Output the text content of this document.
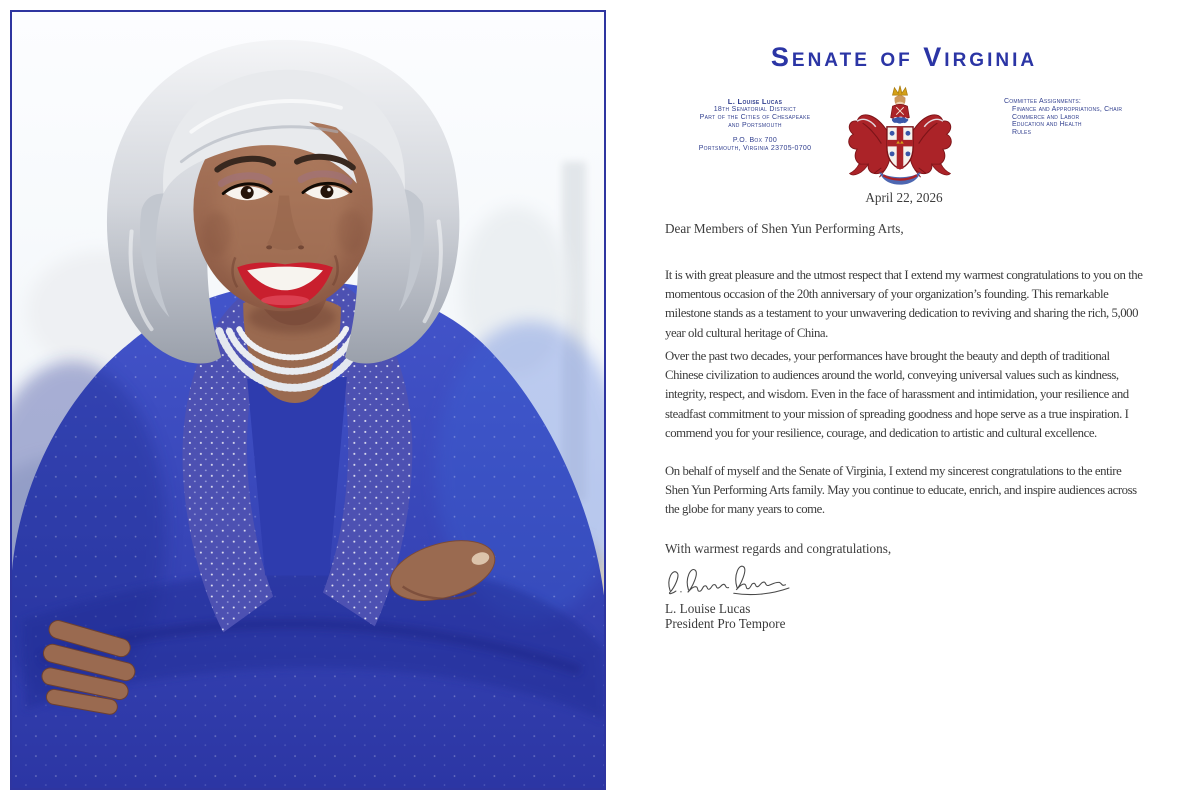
Senate of Virginia
L. Louise Lucas
18th Senatorial District
Part of the Cities of Chesapeake
and Portsmouth
P.O. Box 700
Portsmouth, Virginia 23705-0700
Committee Assignments:
Finance and Appropriations, Chair
Commerce and Labor
Education and Health
Rules
April 22, 2026
Dear Members of Shen Yun Performing Arts,

It is with great pleasure and the utmost respect that I extend my warmest congratulations to you on the momentous occasion of the 20th anniversary of your organization’s founding. This remarkable milestone stands as a testament to your unwavering dedication to reviving and sharing the rich, 5,000 year old cultural heritage of China.

Over the past two decades, your performances have brought the beauty and depth of traditional Chinese civilization to audiences around the world, conveying universal values such as kindness, integrity, respect, and wisdom. Even in the face of harassment and intimidation, your resilience and steadfast commitment to your mission of spreading goodness and hope serve as a true inspiration. I commend you for your resilience, courage, and dedication to artistic and cultural excellence.

On behalf of myself and the Senate of Virginia, I extend my sincerest congratulations to the entire Shen Yun Performing Arts family. May you continue to educate, enrich, and inspire audiences across the globe for many years to come.

With warmest regards and congratulations,
L. Louise Lucas
President Pro Tempore
